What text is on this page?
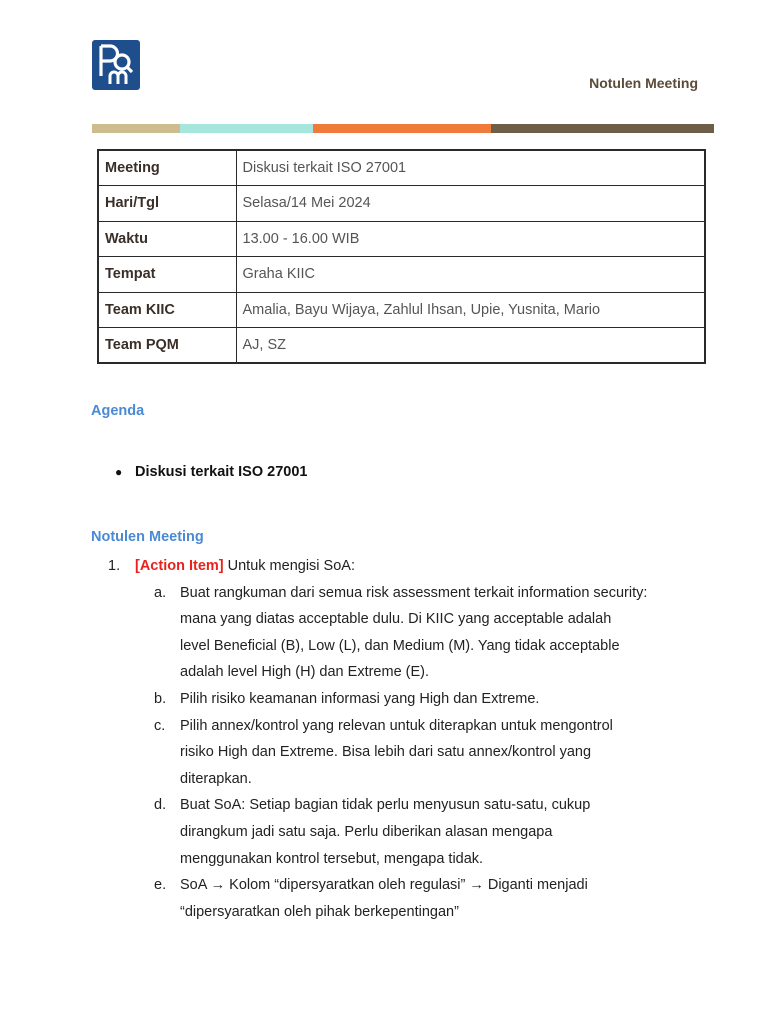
Notulen Meeting
Meeting	Diskusi terkait ISO 27001
Hari/Tgl	Selasa/14 Mei 2024
Waktu	13.00 - 16.00 WIB
Tempat	Graha KIIC
Team KIIC	Amalia, Bayu Wijaya, Zahlul Ihsan, Upie, Yusnita, Mario
Team PQM	AJ, SZ
Agenda
● Diskusi terkait ISO 27001
Notulen Meeting
1.	[Action Item] Untuk mengisi SoA:
a. Buat rangkuman dari semua risk assessment terkait information security:
mana yang diatas acceptable dulu. Di KIIC yang acceptable adalah
level Beneficial (B), Low (L), dan Medium (M). Yang tidak acceptable
adalah level High (H) dan Extreme (E).
b. Pilih risiko keamanan informasi yang High dan Extreme.
c.	Pilih annex/kontrol yang relevan untuk diterapkan untuk mengontrol
risiko High dan Extreme. Bisa lebih dari satu annex/kontrol yang
diterapkan.
d. Buat SoA: Setiap bagian tidak perlu menyusun satu-satu, cukup
dirangkum jadi satu saja. Perlu diberikan alasan mengapa
menggunakan kontrol tersebut, mengapa tidak.
e. SoA → Kolom “dipersyaratkan oleh regulasi” → Diganti menjadi
“dipersyaratkan oleh pihak berkepentingan”
